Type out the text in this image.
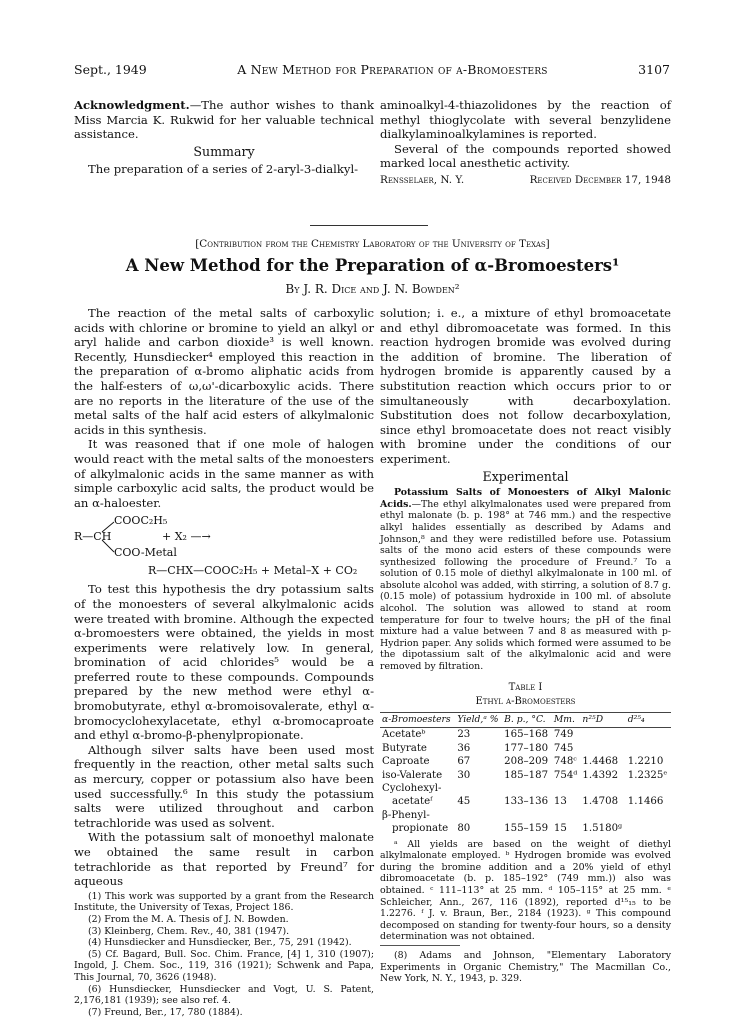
Sept., 1949	A New Method for Preparation of α-Bromoesters	3107

Acknowledgment.—The author wishes to thank Miss Marcia K. Rukwid for her valuable technical assistance.

Summary

The preparation of a series of 2-aryl-3-dialkyl-

aminoalkyl-4-thiazolidones by the reaction of methyl thioglycolate with several benzylidene dialkylaminoalkylamines is reported.

Several of the compounds reported showed marked local anesthetic activity.

Rensselaer, N. Y.	Received December 17, 1948

[Contribution from the Chemistry Laboratory of the University of Texas]
A New Method for the Preparation of α-Bromoesters¹
By J. R. Dice and J. N. Bowden²

The reaction of the metal salts of carboxylic acids with chlorine or bromine to yield an alkyl or aryl halide and carbon dioxide³ is well known. Recently, Hunsdiecker⁴ employed this reaction in the preparation of α-bromo aliphatic acids from the half-esters of ω,ω'-dicarboxylic acids. There are no reports in the literature of the use of the metal salts of the half acid esters of alkylmalonic acids in this synthesis.

It was reasoned that if one mole of halogen would react with the metal salts of the monoesters of alkylmalonic acids in the same manner as with simple carboxylic acid salts, the product would be an α-haloester.

COOC₂H₅
R—CH	+ X₂ —→
COO-Metal
R—CHX—COOC₂H₅ + Metal–X + CO₂

To test this hypothesis the dry potassium salts of the monoesters of several alkylmalonic acids were treated with bromine. Although the expected α-bromoesters were obtained, the yields in most experiments were relatively low. In general, bromination of acid chlorides⁵ would be a preferred route to these compounds. Compounds prepared by the new method were ethyl α-bromobutyrate, ethyl α-bromoisovalerate, ethyl α-bromocyclohexylacetate, ethyl α-bromocaproate and ethyl α-bromo-β-phenylpropionate.

Although silver salts have been used most frequently in the reaction, other metal salts such as mercury, copper or potassium also have been used successfully.⁶ In this study the potassium salts were utilized throughout and carbon tetrachloride was used as solvent.

With the potassium salt of monoethyl malonate we obtained the same result in carbon tetrachloride as that reported by Freund⁷ for aqueous

(1) This work was supported by a grant from the Research Institute, the University of Texas, Project 186.

(2) From the M. A. Thesis of J. N. Bowden.

(3) Kleinberg, Chem. Rev., 40, 381 (1947).

(4) Hunsdiecker and Hunsdiecker, Ber., 75, 291 (1942).

(5) Cf. Bagard, Bull. Soc. Chim. France, [4] 1, 310 (1907); Ingold, J. Chem. Soc., 119, 316 (1921); Schwenk and Papa, This Journal, 70, 3626 (1948).

(6) Hunsdiecker, Hunsdiecker and Vogt, U. S. Patent, 2,176,181 (1939); see also ref. 4.

(7) Freund, Ber., 17, 780 (1884).

solution; i. e., a mixture of ethyl bromoacetate and ethyl dibromoacetate was formed. In this reaction hydrogen bromide was evolved during the addition of bromine. The liberation of hydrogen bromide is apparently caused by a substitution reaction which occurs prior to or simultaneously with decarboxylation. Substitution does not follow decarboxylation, since ethyl bromoacetate does not react visibly with bromine under the conditions of our experiment.

Experimental

Potassium Salts of Monoesters of Alkyl Malonic Acids.—The ethyl alkylmalonates used were prepared from ethyl malonate (b. p. 198° at 746 mm.) and the respective alkyl halides essentially as described by Adams and Johnson,⁸ and they were redistilled before use. Potassium salts of the mono acid esters of these compounds were synthesized following the procedure of Freund.⁷ To a solution of 0.15 mole of diethyl alkylmalonate in 100 ml. of absolute alcohol was added, with stirring, a solution of 8.7 g. (0.15 mole) of potassium hydroxide in 100 ml. of absolute alcohol. The solution was allowed to stand at room temperature for four to twelve hours; the pH of the final mixture had a value between 7 and 8 as measured with p-Hydrion paper. Any solids which formed were assumed to be the dipotassium salt of the alkylmalonic acid and were removed by filtration.

Table I

Ethyl α-Bromoesters

α-Bromoesters	Yield,ᵃ %	B. p., °C.	Mm.	n²⁵D	d²⁵₄
Acetateᵇ	23	165–168	749		
Butyrate	36	177–180	745		
Caproate	67	208–209	748ᶜ	1.4468	1.2210
iso-Valerate	30	185–187	754ᵈ	1.4392	1.2325ᵉ
Cyclohexyl-					
acetateᶠ	45	133–136	13	1.4708	1.1466
β-Phenyl-					
propionate	80	155–159	15	1.5180ᵍ	

ᵃ All yields are based on the weight of diethyl alkylmalonate employed. ᵇ Hydrogen bromide was evolved during the bromine addition and a 20% yield of ethyl dibromoacetate (b. p. 185–192° (749 mm.)) also was obtained. ᶜ 111–113° at 25 mm. ᵈ 105–115° at 25 mm. ᵉ Schleicher, Ann., 267, 116 (1892), reported d¹⁵₁₅ to be 1.2276. ᶠ J. v. Braun, Ber., 2184 (1923). ᵍ This compound decomposed on standing for twenty-four hours, so a density determination was not obtained.

(8) Adams and Johnson, "Elementary Laboratory Experiments in Organic Chemistry," The Macmillan Co., New York, N. Y., 1943, p. 329.
